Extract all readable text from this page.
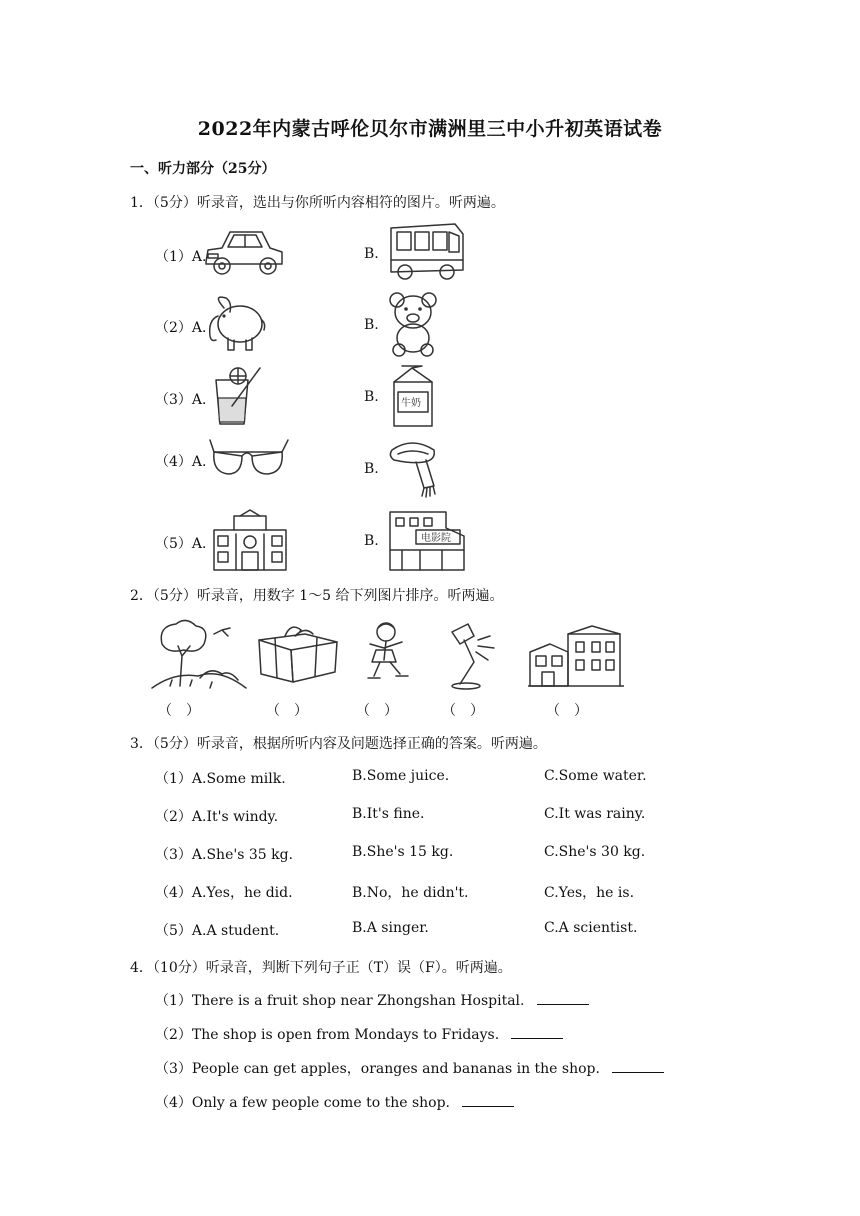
2022年内蒙古呼伦贝尔市满洲里三中小升初英语试卷
一、听力部分（25分）
1．（5分）听录音，选出与你所听内容相符的图片。听两遍。
（1）A.	B.
（2）A.	B.
（3）A.	B. 牛奶
（4）A.	B.
（5）A.	B.	电影院
2．（5分）听录音，用数字 1～5 给下列图片排序。听两遍。
（　）	（　）	（　）	（　）	（　）
3．（5分）听录音，根据所听内容及问题选择正确的答案。听两遍。
（1）A.Some milk.	B.Some juice.	C.Some water.
（2）A.It's windy.	B.It's fine.	C.It was rainy.
（3）A.She's 35 kg.	B.She's 15 kg.	C.She's 30 kg.
（4）A.Yes，he did.	B.No，he didn't.	C.Yes，he is.
（5）A.A student.	B.A singer.	C.A scientist.
4．（10分）听录音，判断下列句子正（T）误（F）。听两遍。
（1）There is a fruit shop near Zhongshan Hospital.
（2）The shop is open from Mondays to Fridays.
（3）People can get apples，oranges and bananas in the shop.
（4）Only a few people come to the shop.
